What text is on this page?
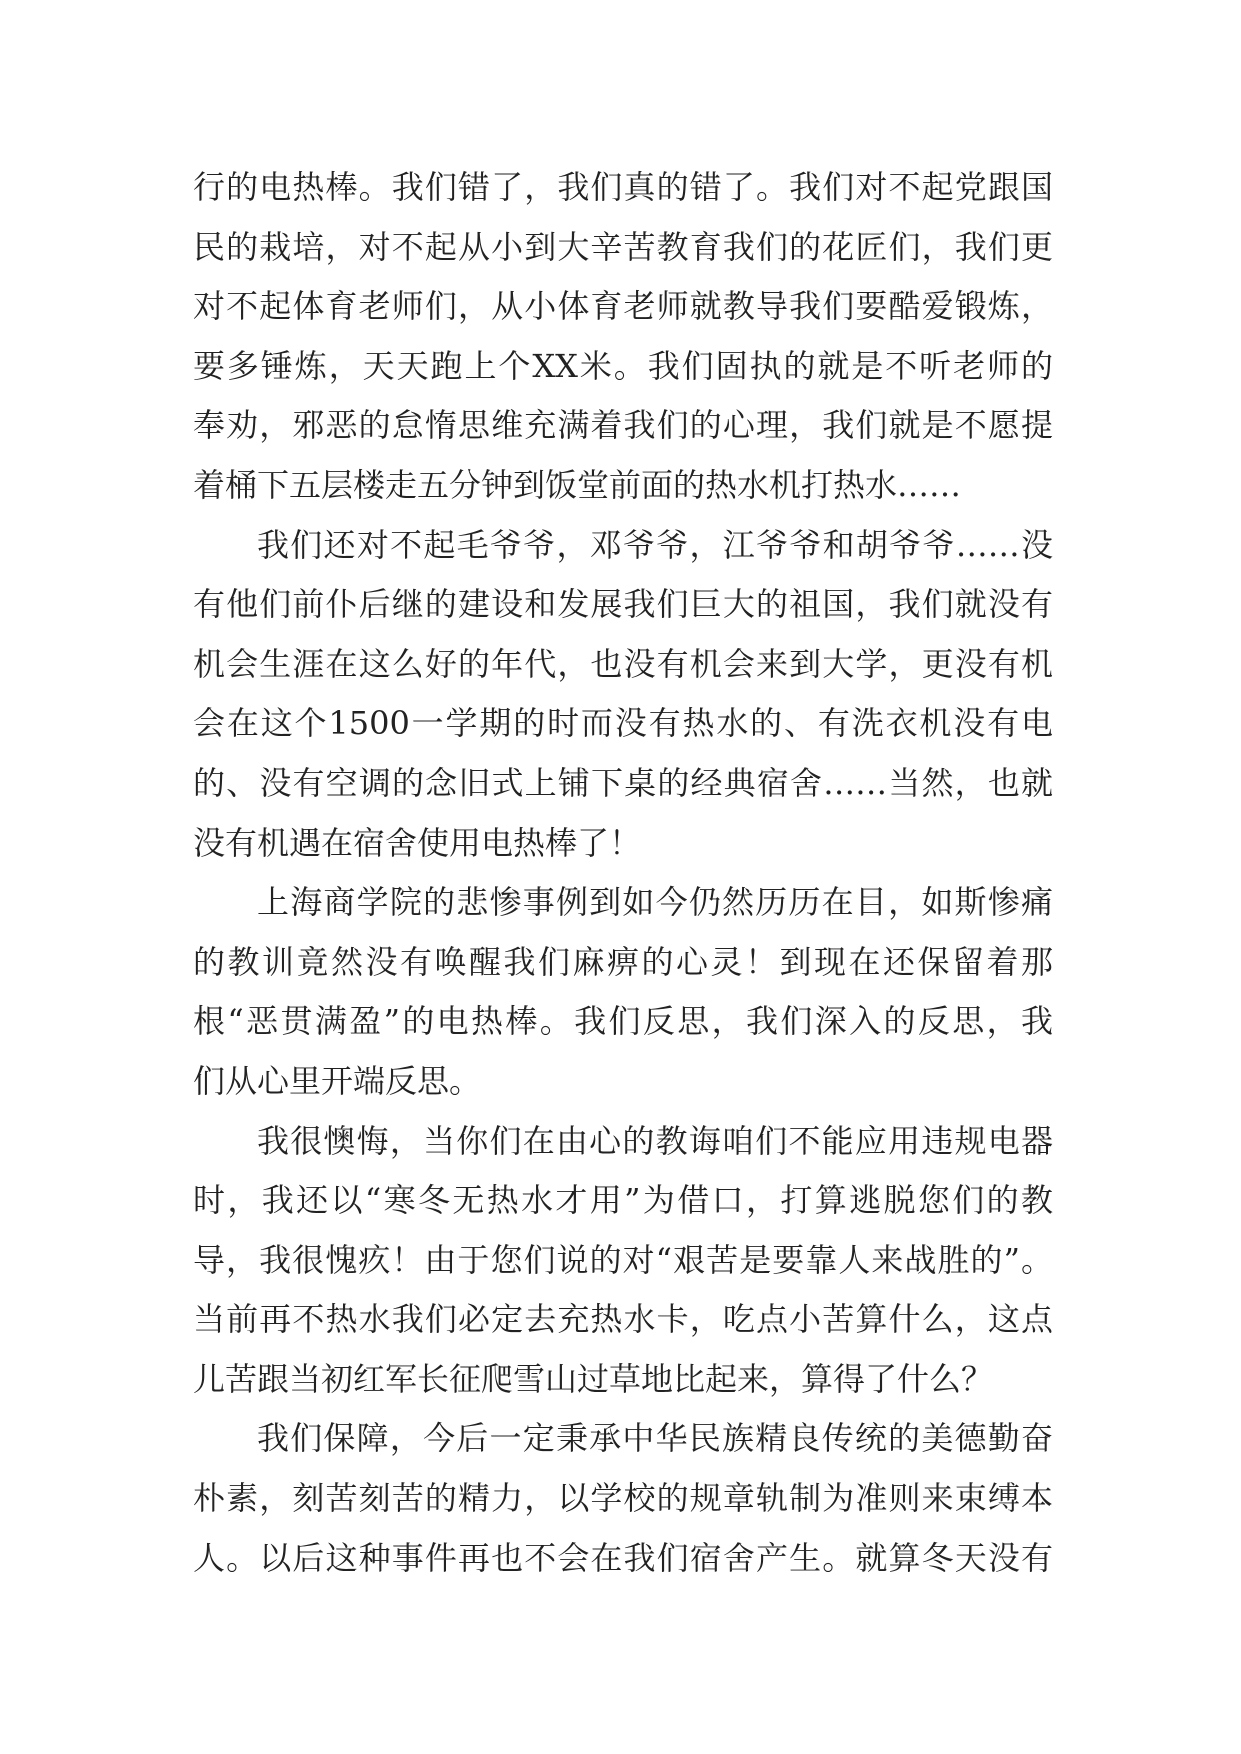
行的电热棒。我们错了，我们真的错了。我们对不起党跟国
民的栽培，对不起从小到大辛苦教育我们的花匠们，我们更
对不起体育老师们，从小体育老师就教导我们要酷爱锻炼，
要多锤炼，天天跑上个XX米。我们固执的就是不听老师的
奉劝，邪恶的怠惰思维充满着我们的心理，我们就是不愿提
着桶下五层楼走五分钟到饭堂前面的热水机打热水……
我们还对不起毛爷爷，邓爷爷，江爷爷和胡爷爷……没
有他们前仆后继的建设和发展我们巨大的祖国，我们就没有
机会生涯在这么好的年代，也没有机会来到大学，更没有机
会在这个1500一学期的时而没有热水的、有洗衣机没有电
的、没有空调的念旧式上铺下桌的经典宿舍……当然，也就
没有机遇在宿舍使用电热棒了！
上海商学院的悲惨事例到如今仍然历历在目，如斯惨痛
的教训竟然没有唤醒我们麻痹的心灵！到现在还保留着那
根“恶贯满盈”的电热棒。我们反思，我们深入的反思，我
们从心里开端反思。
我很懊悔，当你们在由心的教诲咱们不能应用违规电器
时，我还以“寒冬无热水才用”为借口，打算逃脱您们的教
导，我很愧疚！由于您们说的对“艰苦是要靠人来战胜的”。
当前再不热水我们必定去充热水卡，吃点小苦算什么，这点
儿苦跟当初红军长征爬雪山过草地比起来，算得了什么？
我们保障，今后一定秉承中华民族精良传统的美德勤奋
朴素，刻苦刻苦的精力，以学校的规章轨制为准则来束缚本
人。以后这种事件再也不会在我们宿舍产生。就算冬天没有
